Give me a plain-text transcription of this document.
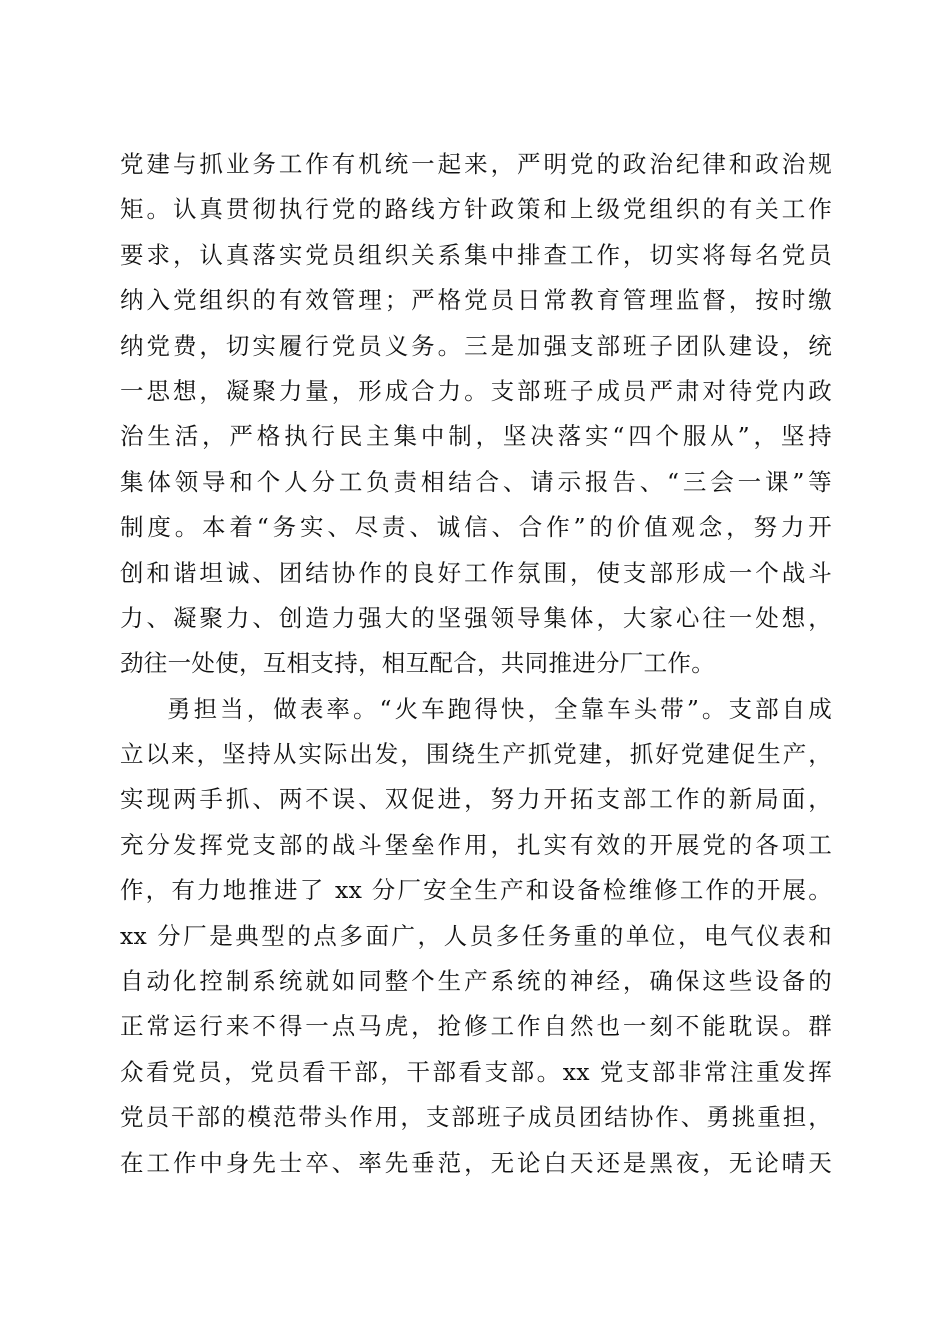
党建与抓业务工作有机统一起来，严明党的政治纪律和政治规
矩。认真贯彻执行党的路线方针政策和上级党组织的有关工作
要求，认真落实党员组织关系集中排查工作，切实将每名党员
纳入党组织的有效管理；严格党员日常教育管理监督，按时缴
纳党费，切实履行党员义务。三是加强支部班子团队建设，统
一思想，凝聚力量，形成合力。支部班子成员严肃对待党内政
治生活，严格执行民主集中制，坚决落实“四个服从”，坚持
集体领导和个人分工负责相结合、请示报告、“三会一课”等
制度。本着“务实、尽责、诚信、合作”的价值观念，努力开
创和谐坦诚、团结协作的良好工作氛围，使支部形成一个战斗
力、凝聚力、创造力强大的坚强领导集体，大家心往一处想，
劲往一处使，互相支持，相互配合，共同推进分厂工作。
勇担当，做表率。“火车跑得快，全靠车头带”。支部自成
立以来，坚持从实际出发，围绕生产抓党建，抓好党建促生产，
实现两手抓、两不误、双促进，努力开拓支部工作的新局面，
充分发挥党支部的战斗堡垒作用，扎实有效的开展党的各项工
作，有力地推进了 xx 分厂安全生产和设备检维修工作的开展。
xx 分厂是典型的点多面广，人员多任务重的单位，电气仪表和
自动化控制系统就如同整个生产系统的神经，确保这些设备的
正常运行来不得一点马虎，抢修工作自然也一刻不能耽误。群
众看党员，党员看干部，干部看支部。xx 党支部非常注重发挥
党员干部的模范带头作用，支部班子成员团结协作、勇挑重担，
在工作中身先士卒、率先垂范，无论白天还是黑夜，无论晴天
